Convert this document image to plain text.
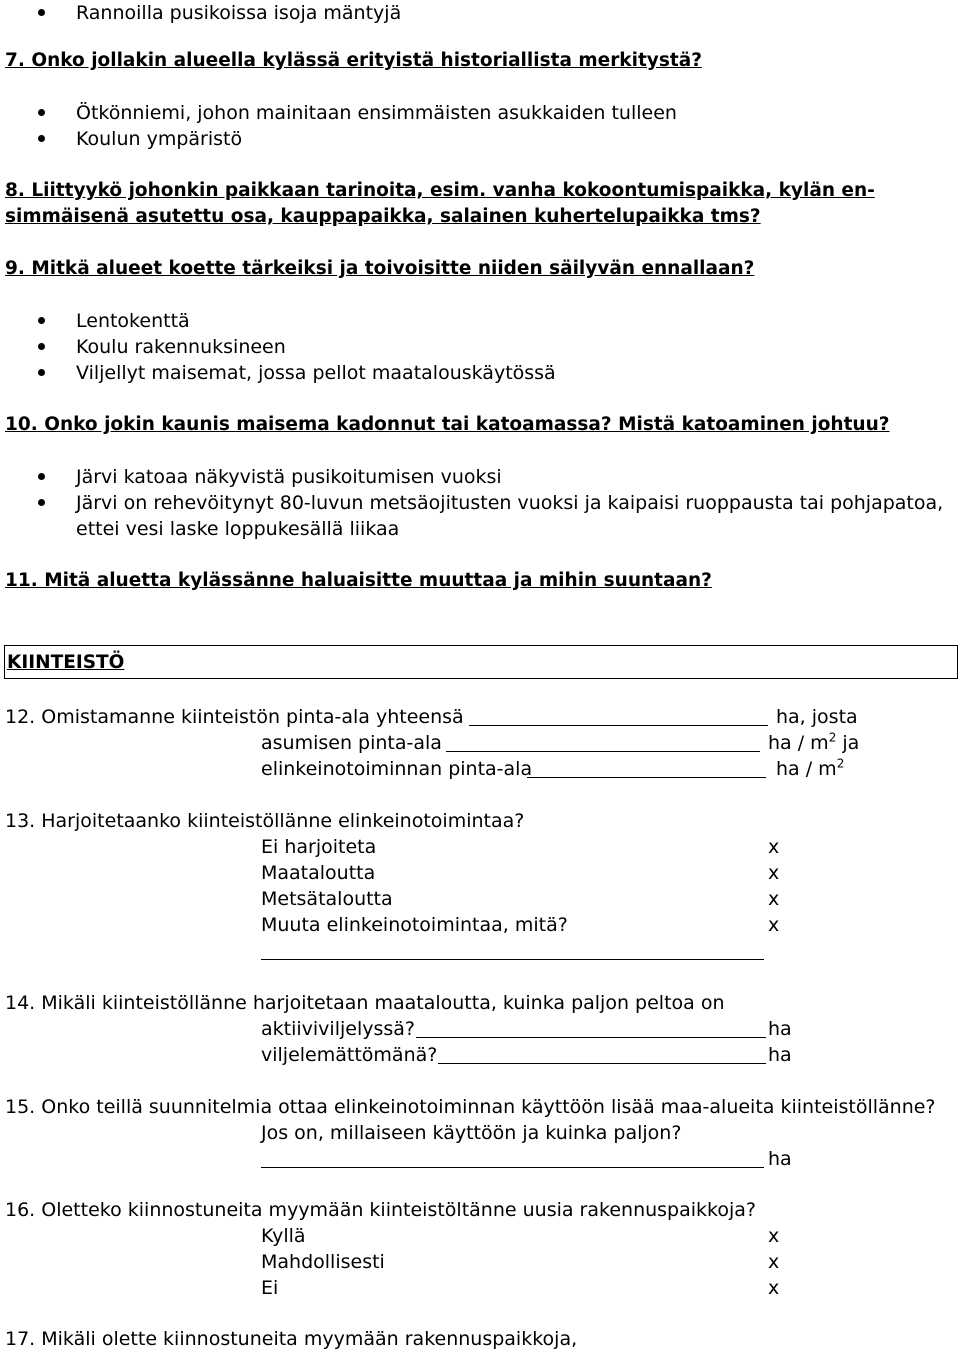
Rannoilla pusikoissa isoja mäntyjä
7. Onko jollakin alueella kylässä erityistä historiallista merkitystä?
Ötkönniemi, johon mainitaan ensimmäisten asukkaiden tulleen
Koulun ympäristö
8. Liittyykö johonkin paikkaan tarinoita, esim. vanha kokoontumispaikka, kylän en-
simmäisenä asutettu osa, kauppapaikka, salainen kuhertelupaikka tms?
9. Mitkä alueet koette tärkeiksi ja toivoisitte niiden säilyvän ennallaan?
Lentokenttä
Koulu rakennuksineen
Viljellyt maisemat, jossa pellot maatalouskäytössä
10. Onko jokin kaunis maisema kadonnut tai katoamassa? Mistä katoaminen johtuu?
Järvi katoaa näkyvistä pusikoitumisen vuoksi
Järvi on rehevöitynyt 80-luvun metsäojitusten vuoksi ja kaipaisi ruoppausta tai pohjapatoa,
ettei vesi laske loppukesällä liikaa
11. Mitä aluetta kylässänne haluaisitte muuttaa ja mihin suuntaan?
KIINTEISTÖ
12. Omistamanne kiinteistön pinta-ala yhteensä	ha, josta
asumisen pinta-ala	ha / $m^2$ ja
elinkeinotoiminnan pinta-ala	ha / $m^2$
13. Harjoitetaanko kiinteistöllänne elinkeinotoimintaa?
Ei harjoiteta	x
Maataloutta	x
Metsätaloutta	x
Muuta elinkeinotoimintaa, mitä?	x
14. Mikäli kiinteistöllänne harjoitetaan maataloutta, kuinka paljon peltoa on
aktiiviviljelyssä?	ha
viljelemättömänä?	ha
15. Onko teillä suunnitelmia ottaa elinkeinotoiminnan käyttöön lisää maa-alueita kiinteistöllänne?
Jos on, millaiseen käyttöön ja kuinka paljon?
ha
16. Oletteko kiinnostuneita myymään kiinteistöltänne uusia rakennuspaikkoja?
Kyllä	x
Mahdollisesti	x
Ei	x
17. Mikäli olette kiinnostuneita myymään rakennuspaikkoja,
